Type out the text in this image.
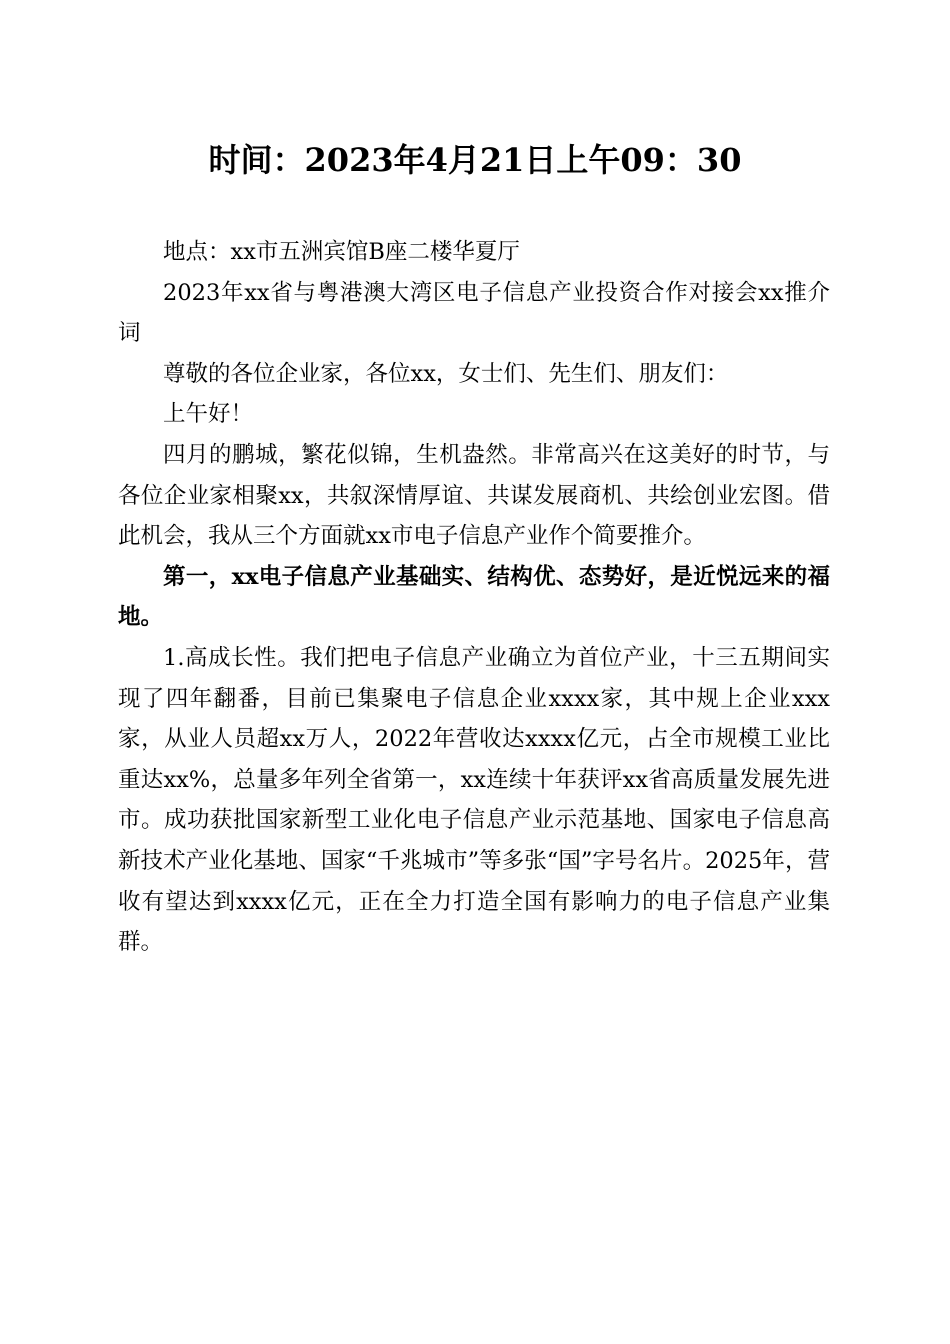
时间：2023年4月21日上午09：30

地点：xx市五洲宾馆B座二楼华夏厅

2023年xx省与粤港澳大湾区电子信息产业投资合作对接会xx推介词

尊敬的各位企业家，各位xx，女士们、先生们、朋友们：

上午好！

四月的鹏城，繁花似锦，生机盎然。非常高兴在这美好的时节，与各位企业家相聚xx，共叙深情厚谊、共谋发展商机、共绘创业宏图。借此机会，我从三个方面就xx市电子信息产业作个简要推介。

第一，xx电子信息产业基础实、结构优、态势好，是近悦远来的福地。

1.高成长性。我们把电子信息产业确立为首位产业，十三五期间实现了四年翻番，目前已集聚电子信息企业xxxx家，其中规上企业xxx家，从业人员超xx万人，2022年营收达xxxx亿元，占全市规模工业比重达xx%，总量多年列全省第一，xx连续十年获评xx省高质量发展先进市。成功获批国家新型工业化电子信息产业示范基地、国家电子信息高新技术产业化基地、国家“千兆城市”等多张“国”字号名片。2025年，营收有望达到xxxx亿元，正在全力打造全国有影响力的电子信息产业集群。
